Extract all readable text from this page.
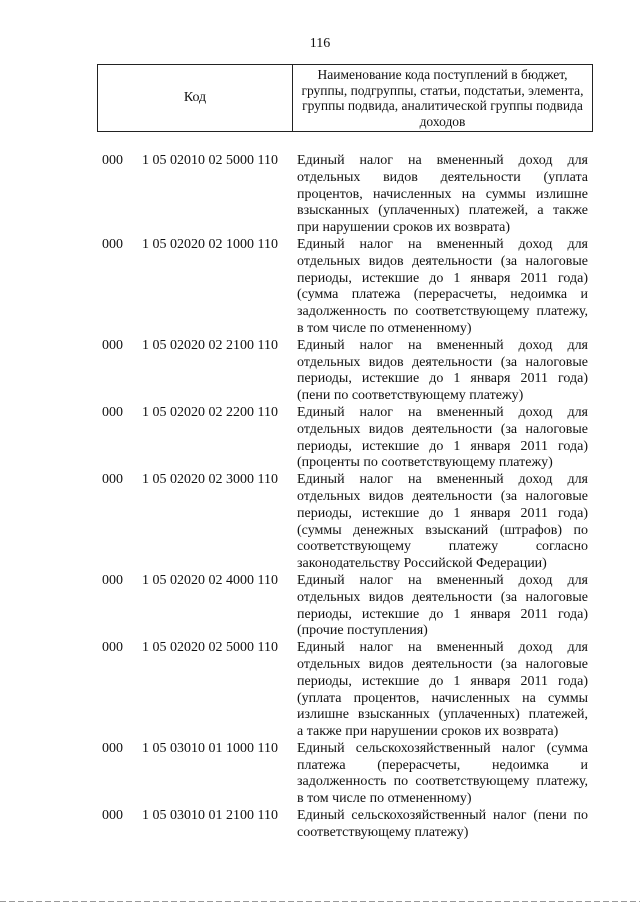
116
Код
Наименование кода поступлений в бюджет, группы, подгруппы, статьи, подстатьи, элемента, группы подвида, аналитической группы подвида доходов
000	1 05 02010 02 5000 110	Единый налог на вмененный доход для
отдельных видов деятельности (уплата
процентов, начисленных на суммы излишне
взысканных (уплаченных) платежей, а также
при нарушении сроков их возврата)
000	1 05 02020 02 1000 110	Единый налог на вмененный доход для
отдельных видов деятельности (за налоговые
периоды, истекшие до 1 января 2011 года)
(сумма платежа (перерасчеты, недоимка и
задолженность по соответствующему платежу,
в том числе по отмененному)
000	1 05 02020 02 2100 110	Единый налог на вмененный доход для
отдельных видов деятельности (за налоговые
периоды, истекшие до 1 января 2011 года)
(пени по соответствующему платежу)
000	1 05 02020 02 2200 110	Единый налог на вмененный доход для
отдельных видов деятельности (за налоговые
периоды, истекшие до 1 января 2011 года)
(проценты по соответствующему платежу)
000	1 05 02020 02 3000 110	Единый налог на вмененный доход для
отдельных видов деятельности (за налоговые
периоды, истекшие до 1 января 2011 года)
(суммы денежных взысканий (штрафов) по
соответствующему платежу согласно
законодательству Российской Федерации)
000	1 05 02020 02 4000 110	Единый налог на вмененный доход для
отдельных видов деятельности (за налоговые
периоды, истекшие до 1 января 2011 года)
(прочие поступления)
000	1 05 02020 02 5000 110	Единый налог на вмененный доход для
отдельных видов деятельности (за налоговые
периоды, истекшие до 1 января 2011 года)
(уплата процентов, начисленных на суммы
излишне взысканных (уплаченных) платежей,
а также при нарушении сроков их возврата)
000	1 05 03010 01 1000 110	Единый сельскохозяйственный налог (сумма
платежа (перерасчеты, недоимка и
задолженность по соответствующему платежу,
в том числе по отмененному)
000	1 05 03010 01 2100 110	Единый сельскохозяйственный налог (пени по
соответствующему платежу)
